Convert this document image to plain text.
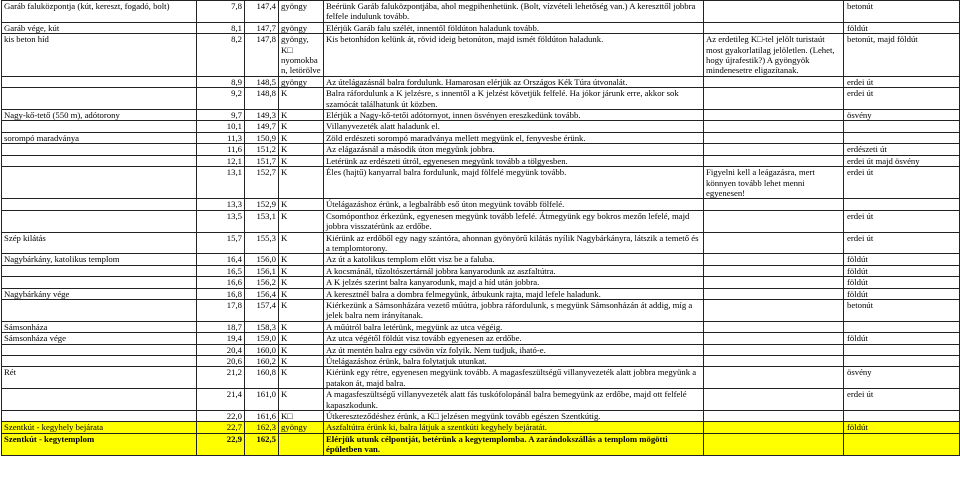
Garáb faluközpontja (kút, kereszt, fogadó, bolt)	7,8	147,4	gyöngy	Beérünk Garáb faluközpontjába, ahol megpihenhetünk. (Bolt, vízvételi lehetőség van.) A kereszttől jobbra felfele indulunk tovább.		betonút
Garáb vége, kút	8,1	147,7	gyöngy	Elérjük Garáb falu szélét, innentől földúton haladunk tovább.		földút
kis beton híd	8,2	147,8	gyöngy, K□ nyomokba n, letörölve	Kis betonhídon kelünk át, rövid ideig betonúton, majd ismét földúton haladunk.	Az erdetileg K□-tel jelölt turistaút most gyakorlatilag jelöletlen. (Lehet, hogy újrafestik?) A gyöngyök mindenesetre eligazítanak.	betonút, majd földút
	8,9	148,5	gyöngy	Az útelágazásnál balra fordulunk. Hamarosan elérjük az Országos Kék Túra útvonalát.		erdei út
	9,2	148,8	K	Balra ráfordulunk a K jelzésre, s innentől a K jelzést követjük felfelé. Ha jókor járunk erre, akkor sok szamócát találhatunk út közben.		erdei út
Nagy-kő-tető (550 m), adótorony	9,7	149,3	K	Elérjük a Nagy-kő-tetői adótornyot, innen ösvényen ereszkedünk tovább.		ösvény
	10,1	149,7	K	Villanyvezeték alatt haladunk el.		
sorompó maradványa	11,3	150,9	K	Zöld erdészeti sorompó maradványa mellett megyünk el, fenyvesbe érünk.		
	11,6	151,2	K	Az elágazásnál a második úton megyünk jobbra.		erdészeti út
	12,1	151,7	K	Letérünk az erdészeti útról, egyenesen megyünk tovább a tölgyesben.		erdei út majd ösvény
	13,1	152,7	K	Éles (hajtű) kanyarral balra fordulunk, majd fölfelé megyünk tovább.	Figyelni kell a leágazásra, mert könnyen tovább lehet menni egyenesen!	erdei út
	13,3	152,9	K	Útelágazáshoz érünk, a legbalrább eső úton megyünk tovább fölfelé.		
	13,5	153,1	K	Csomóponthoz érkezünk, egyenesen megyünk tovább lefelé. Átmegyünk egy bokros mezőn lefelé, majd jobbra visszatérünk az erdőbe.		erdei út
Szép kilátás	15,7	155,3	K	Kiérünk az erdőből egy nagy szántóra, ahonnan gyönyörű kilátás nyílik Nagybárkányra, látszik a temető és a templomtorony.		erdei út
Nagybárkány, katolikus templom	16,4	156,0	K	Az út a katolikus templom előtt visz be a faluba.		földút
	16,5	156,1	K	A kocsmánál, tűzoltószertárnál jobbra kanyarodunk az aszfaltútra.		földút
	16,6	156,2	K	A K jelzés szerint balra kanyarodunk, majd a híd után jobbra.		földút
Nagybárkány vége	16,8	156,4	K	A keresztnél balra a dombra felmegyünk, átbukunk rajta, majd lefele haladunk.		földút
	17,8	157,4	K	Kiérkezünk a Sámsonházára vezető műútra, jobbra ráfordulunk, s megyünk Sámsonházán át addig, míg a jelek balra nem irányítanak.		betonút
Sámsonháza	18,7	158,3	K	A műútról balra letérünk, megyünk az utca végéig.		
Sámsonháza vége	19,4	159,0	K	Az utca végétől földút visz tovább egyenesen az erdőbe.		földút
	20,4	160,0	K	Az út mentén balra egy csövön víz folyik. Nem tudjuk, iható-e.		
	20,6	160,2	K	Útelágazáshoz érünk, balra folytatjuk utunkat.		
Rét	21,2	160,8	K	Kiérünk egy rétre, egyenesen megyünk tovább. A magasfeszültségű villanyvezeték alatt jobbra megyünk a patakon át, majd balra.		ösvény
	21,4	161,0	K	A magasfeszültségű villanyvezeték alatt fás tuskófolopánál balra bemegyünk az erdőbe, majd ott felfelé kapaszkodunk.		erdei út
	22,0	161,6	K□	Útkereszteződéshez érünk, a K□ jelzésen megyünk tovább egészen Szentkútig.		
Szentkút - kegyhely bejárata	22,7	162,3	gyöngy	Aszfaltútra érünk ki, balra látjuk a szentkúti kegyhely bejáratát.		földút
Szentkút - kegytemplom	22,9	162,5		Elérjük utunk célpontját, betérünk a kegytemplomba. A zarándokszállás a templom mögötti épületben van.		
